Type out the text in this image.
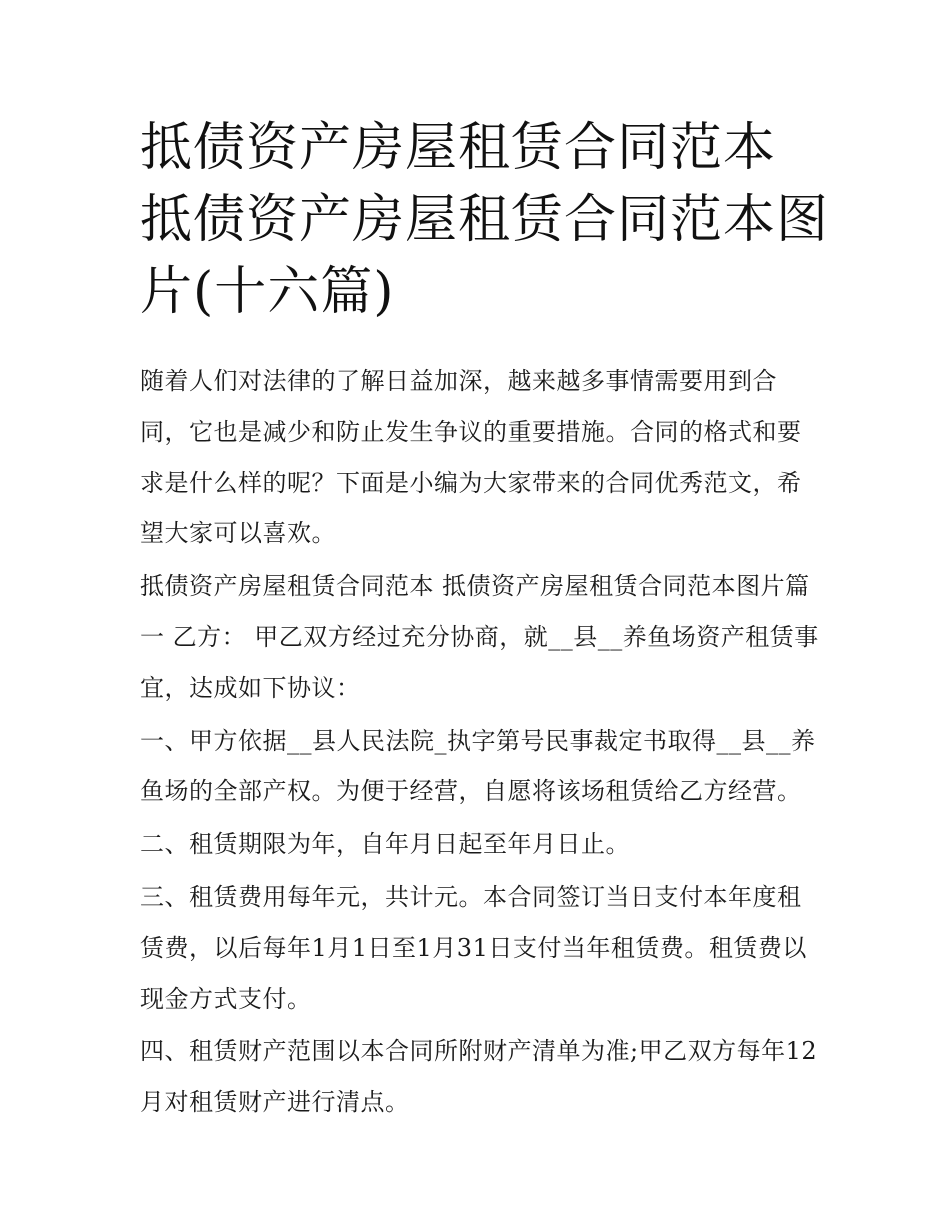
抵债资产房屋租赁合同范本 抵债资产房屋租赁合同范本图片(十六篇)

随着人们对法律的了解日益加深，越来越多事情需要用到合同，它也是减少和防止发生争议的重要措施。合同的格式和要求是什么样的呢？下面是小编为大家带来的合同优秀范文，希望大家可以喜欢。

抵债资产房屋租赁合同范本 抵债资产房屋租赁合同范本图片篇一 乙方： 甲乙双方经过充分协商，就__县__养鱼场资产租赁事宜，达成如下协议：

一、甲方依据__县人民法院_执字第号民事裁定书取得__县__养鱼场的全部产权。为便于经营，自愿将该场租赁给乙方经营。

二、租赁期限为年，自年月日起至年月日止。

三、租赁费用每年元，共计元。本合同签订当日支付本年度租赁费，以后每年1月1日至1月31日支付当年租赁费。租赁费以现金方式支付。

四、租赁财产范围以本合同所附财产清单为准;甲乙双方每年12月对租赁财产进行清点。
